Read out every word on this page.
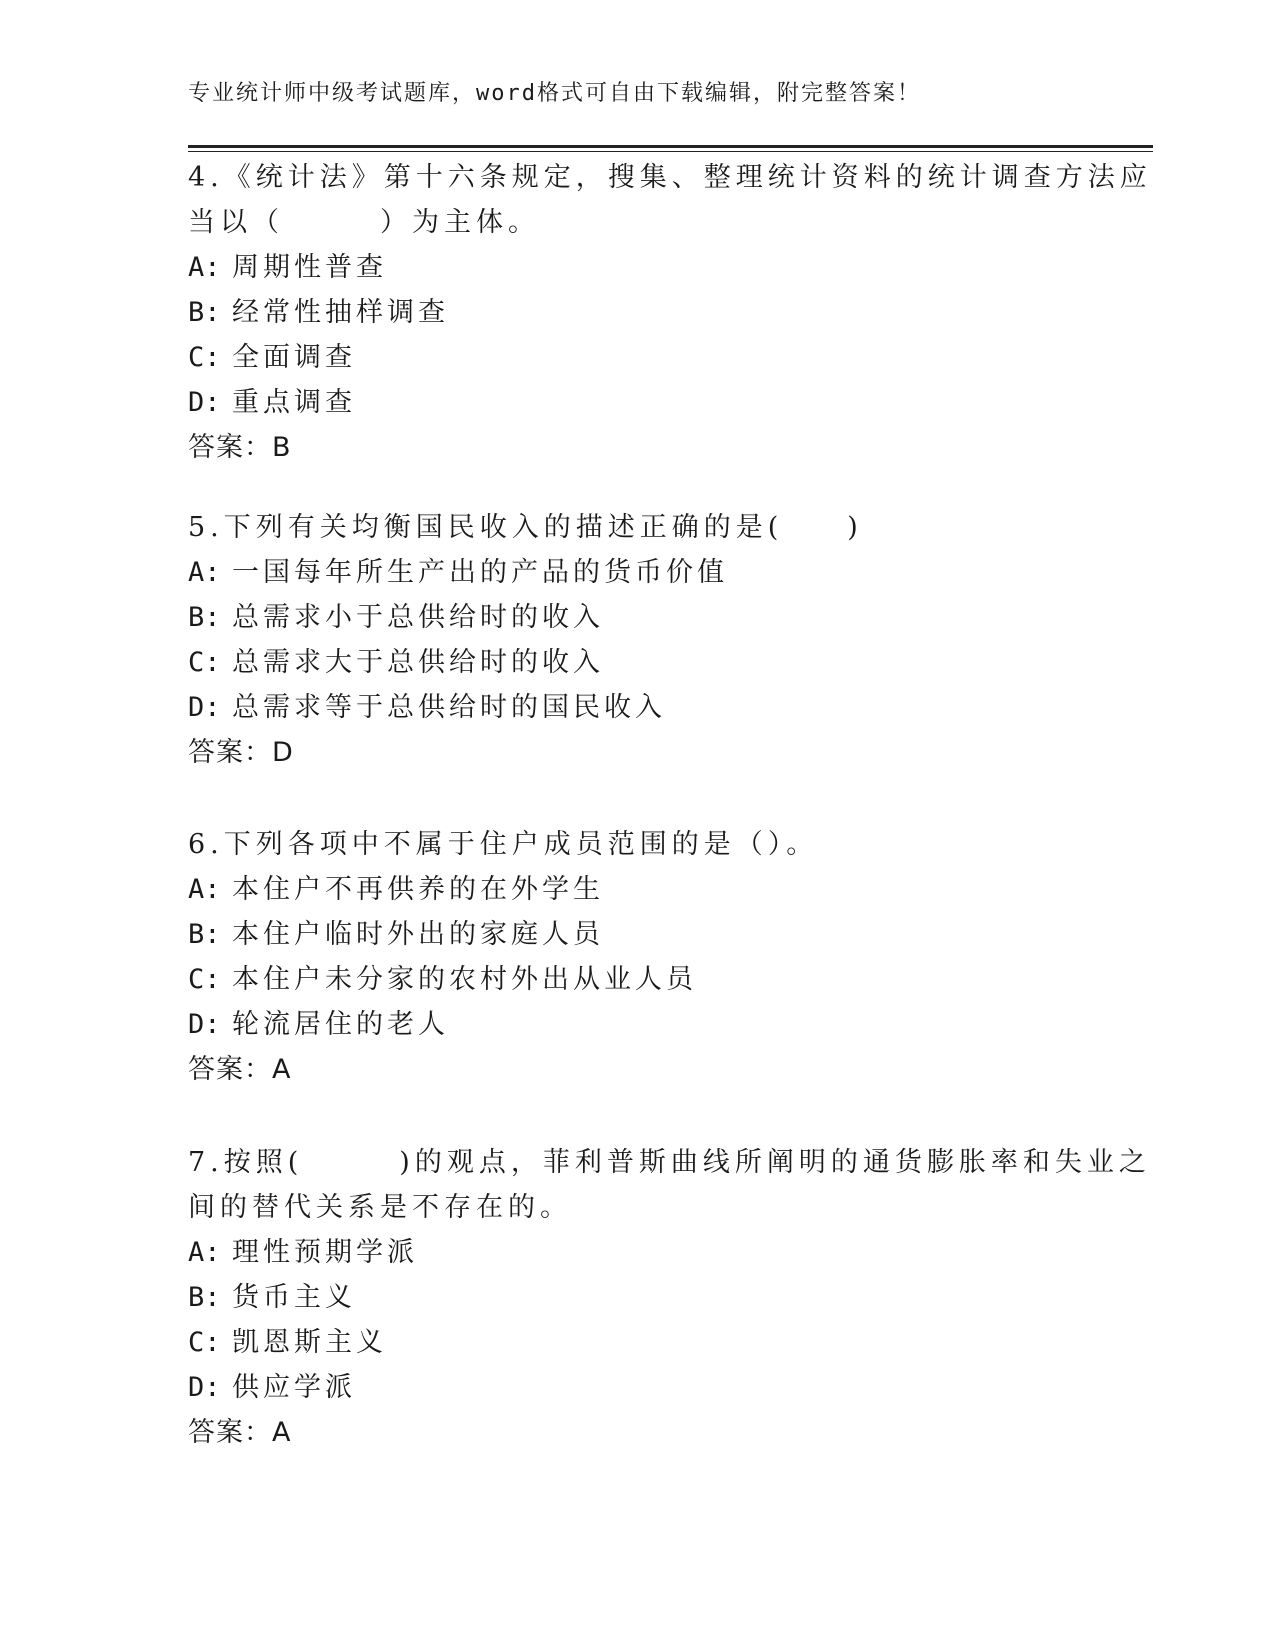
专业统计师中级考试题库，word格式可自由下载编辑，附完整答案！
4.《统计法》第十六条规定，搜集、整理统计资料的统计调查方法应
当以（　　　）为主体。
A: 周期性普查
B: 经常性抽样调查
C: 全面调查
D: 重点调查
答案：B
5.下列有关均衡国民收入的描述正确的是(　　)
A: 一国每年所生产出的产品的货币价值
B: 总需求小于总供给时的收入
C: 总需求大于总供给时的收入
D: 总需求等于总供给时的国民收入
答案：D
6.下列各项中不属于住户成员范围的是（）。
A: 本住户不再供养的在外学生
B: 本住户临时外出的家庭人员
C: 本住户未分家的农村外出从业人员
D: 轮流居住的老人
答案：A
7.按照(　　　)的观点，菲利普斯曲线所阐明的通货膨胀率和失业之
间的替代关系是不存在的。
A: 理性预期学派
B: 货币主义
C: 凯恩斯主义
D: 供应学派
答案：A
